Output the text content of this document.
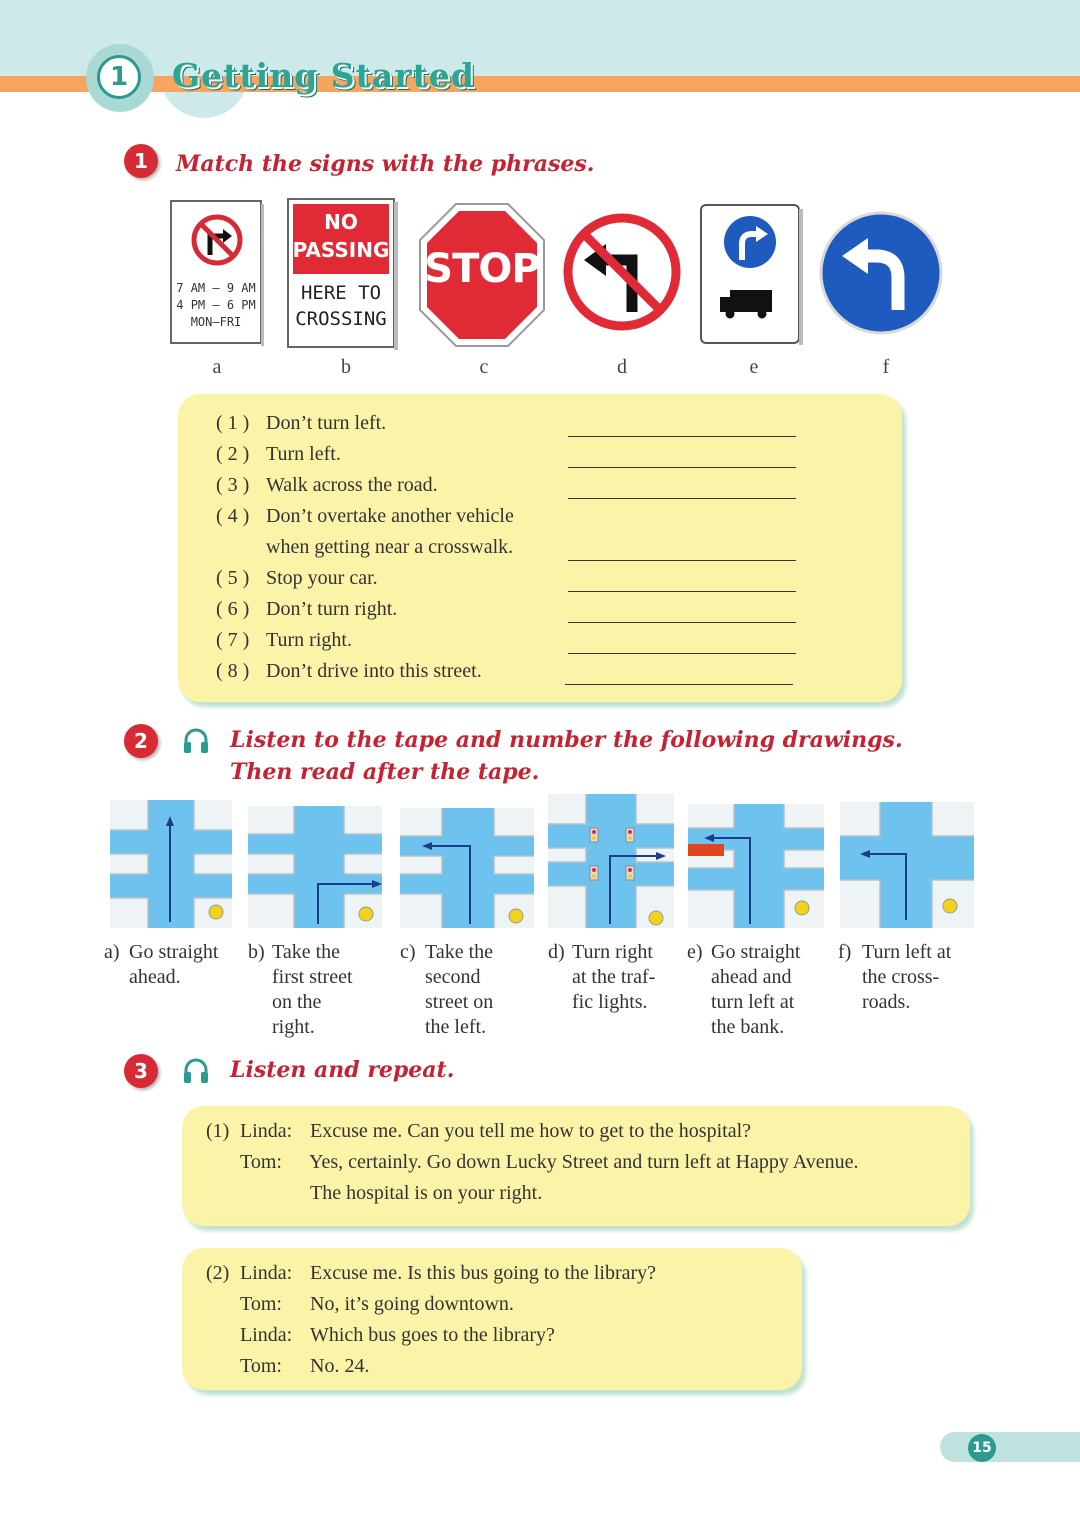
1	Getting Started
1	Match the signs with the phrases.
7 AM – 9 AM
4 PM – 6 PM
MON–FRI
a
NO
PASSING
HERE TO
CROSSING
b
STOP
c	d	e	f
( 1 ) Don’t turn left.
( 2 ) Turn left.
( 3 ) Walk across the road.
( 4 ) Don’t overtake another vehicle
when getting near a crosswalk.
( 5 ) Stop your car.
( 6 ) Don’t turn right.
( 7 ) Turn right.
( 8 ) Don’t drive into this street.
2	Listen to the tape and number the following drawings.
Then read after the tape.
a) Go straight
ahead.
b) Take the
first street
on the
right.
c) Take the
second
street on
the left.
d) Turn right
at the traf-
fic lights.
e) Go straight
ahead and
turn left at
the bank.
f) Turn left at
the cross-
roads.
3	Listen and repeat.
(1) Linda: Excuse me. Can you tell me how to get to the hospital?
Tom: Yes, certainly. Go down Lucky Street and turn left at Happy Avenue.
The hospital is on your right.
(2) Linda: Excuse me. Is this bus going to the library?
Tom: No, it’s going downtown.
Linda: Which bus goes to the library?
Tom: No. 24.
15
